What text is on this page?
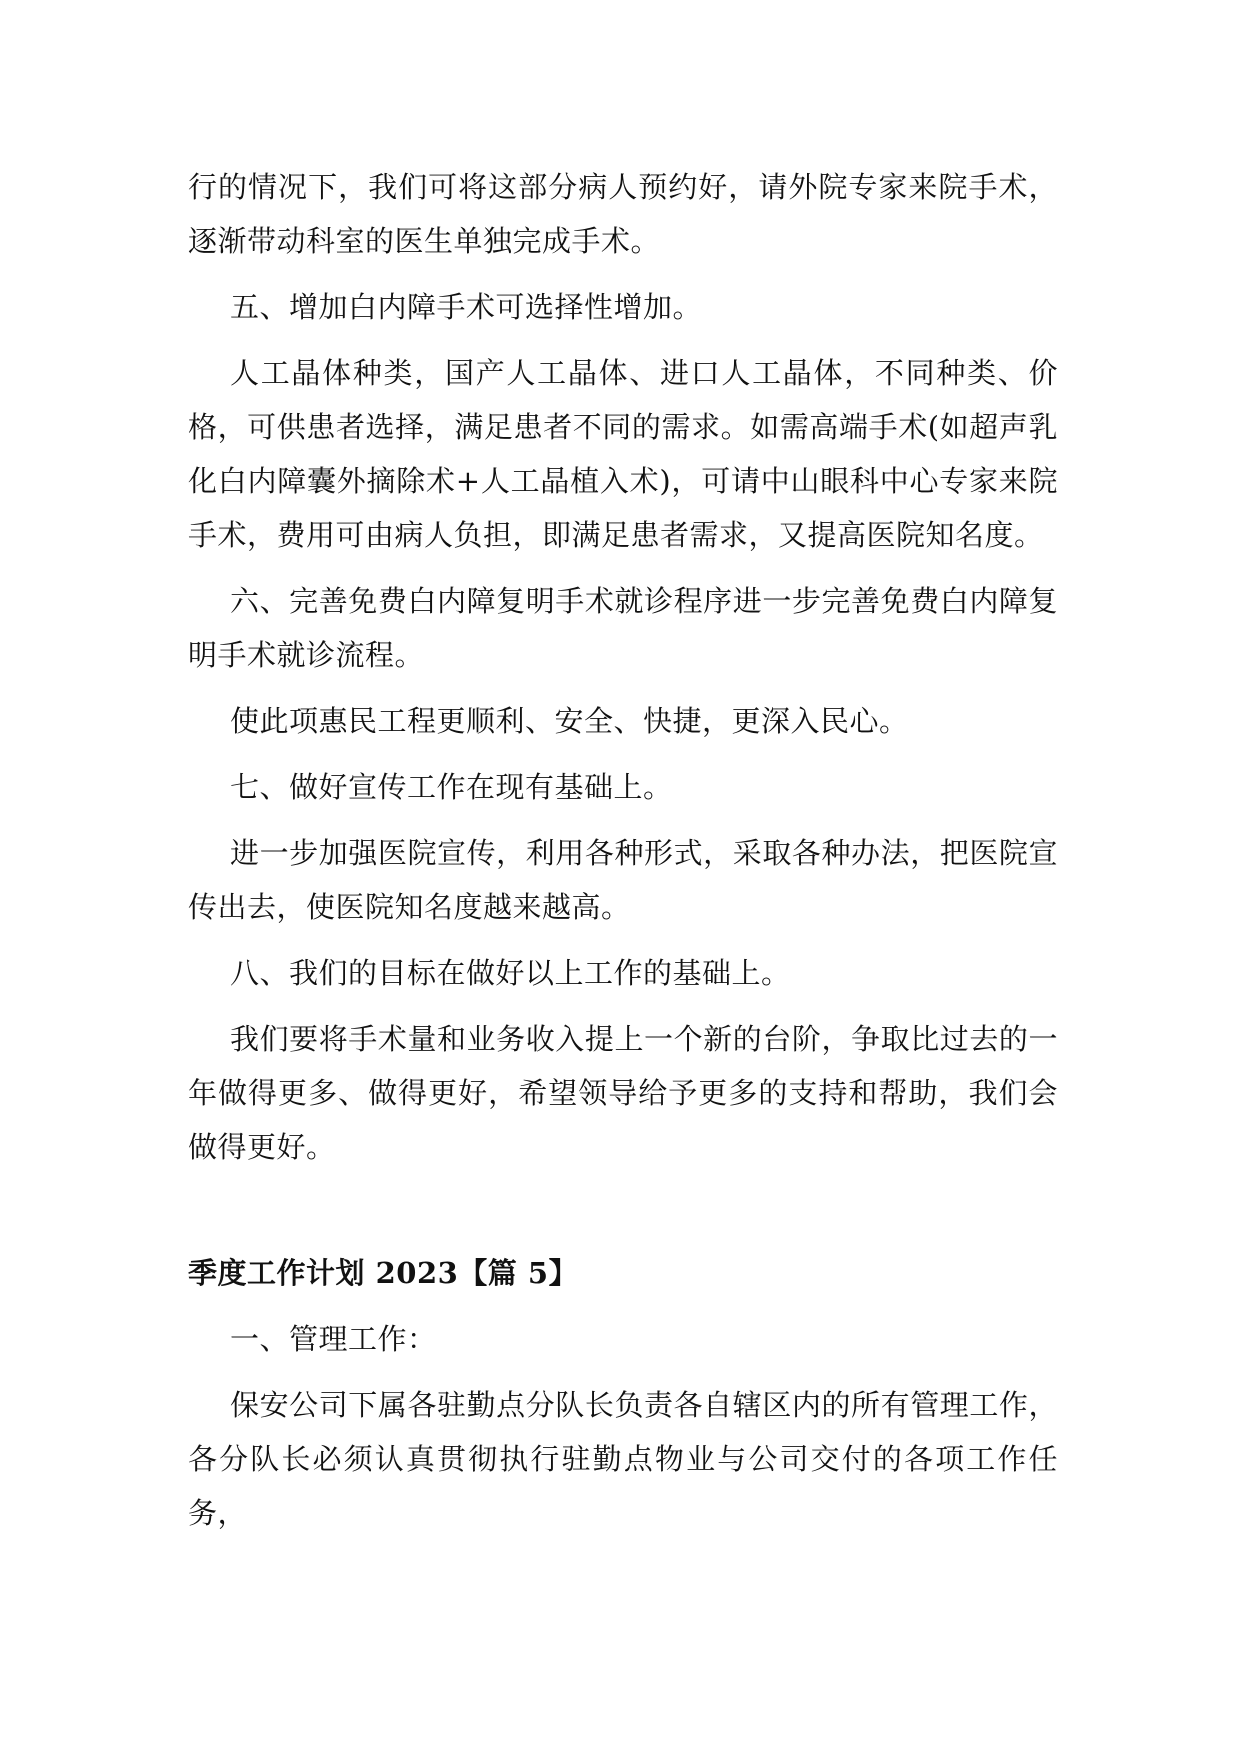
行的情况下，我们可将这部分病人预约好，请外院专家来院手术，逐渐带动科室的医生单独完成手术。

五、增加白内障手术可选择性增加。

人工晶体种类，国产人工晶体、进口人工晶体，不同种类、价格，可供患者选择，满足患者不同的需求。如需高端手术(如超声乳化白内障囊外摘除术+人工晶植入术)，可请中山眼科中心专家来院手术，费用可由病人负担，即满足患者需求，又提高医院知名度。

六、完善免费白内障复明手术就诊程序进一步完善免费白内障复明手术就诊流程。

使此项惠民工程更顺利、安全、快捷，更深入民心。

七、做好宣传工作在现有基础上。

进一步加强医院宣传，利用各种形式，采取各种办法，把医院宣传出去，使医院知名度越来越高。

八、我们的目标在做好以上工作的基础上。

我们要将手术量和业务收入提上一个新的台阶，争取比过去的一年做得更多、做得更好，希望领导给予更多的支持和帮助，我们会做得更好。

季度工作计划 2023【篇 5】

一、管理工作：

保安公司下属各驻勤点分队长负责各自辖区内的所有管理工作，各分队长必须认真贯彻执行驻勤点物业与公司交付的各项工作任务，
